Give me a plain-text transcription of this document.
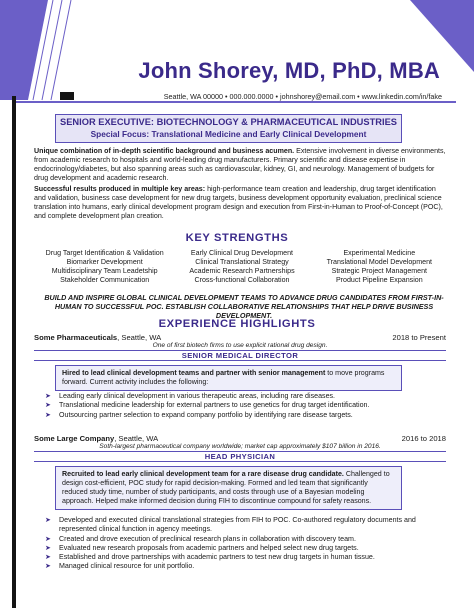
John Shorey, MD, PhD, MBA
Seattle, WA 00000 • 000.000.0000 • johnshorey@email.com • www.linkedin.com/in/fake
SENIOR EXECUTIVE: BIOTECHNOLOGY & PHARMACEUTICAL INDUSTRIES
Special Focus: Translational Medicine and Early Clinical Development
Unique combination of in-depth scientific background and business acumen. Extensive involvement in diverse environments, from academic research to hospitals and world-leading drug manufacturers. Primary scientific and disease expertise in endocrinology/diabetes, but also spanning areas such as cardiovascular, kidney, GI, and neurology. Management of budgets for drug development and academic research.
Successful results produced in multiple key areas: high-performance team creation and leadership, drug target identification and validation, business case development for new drug targets, business development opportunity evaluation, preclinical science translation into humans, early clinical development program design and execution from First-in-Human to Proof-of-Concept (POC), and complete development plan creation.
KEY STRENGTHS
Drug Target Identification & Validation	Early Clinical Drug Development	Experimental Medicine
Biomarker Development	Clinical Translational Strategy	Translational Model Development
Multidisciplinary Team Leadetship	Academic Research Partnerships	Strategic Project Management
Stakeholder Communication	Cross-functional Collaboration	Product Pipeline Expansion
BUILD AND INSPIRE GLOBAL CLINICAL DEVELOPMENT TEAMS TO ADVANCE DRUG CANDIDATES FROM FIRST-IN-HUMAN TO SUCCESSFUL POC. ESTABLISH COLLABORATIVE RELATIONSHIPS THAT HELP DRIVE BUSINESS DEVELOPMENT.
EXPERIENCE HIGHLIGHTS
Some Pharmaceuticals, Seattle, WA	2018 to Present
One of first biotech firms to use explicit rational drug design.
SENIOR MEDICAL DIRECTOR

Hired to lead clinical development teams and partner with senior management to move programs forward. Current activity includes the following:

➤ Leading early clinical development in various therapeutic areas, including rare diseases.
➤ Translational medicine leadership for external partners to use genetics for drug target identification.
➤ Outsourcing partner selection to expand company portfolio by identifying rare disease targets.
Some Large Company, Seattle, WA	2016 to 2018
Soth-largest pharmaceutical company worldwide; market cap approximately $107 billion in 2016.
HEAD PHYSICIAN

Recruited to lead early clinical development team for a rare disease drug candidate. Challenged to design cost-efficient, POC study for rapid decision-making. Formed and led team that significantly reduced study time, number of study participants, and costs through use of a Bayesian modeling approach. Helped make informed decision during FIH to discontinue compound for safety reasons.

➤ Developed and executed clinical translational strategies from FIH to POC. Co-authored regulatory documents and represented clinical function in agency meetings.
➤ Created and drove execution of preclinical research plans in collaboration with discovery team.
➤ Evaluated new research proposals from academic partners and helped select new drug targets.
➤ Established and drove partnerships with academic partners to test new drug targets in human tissue.
➤ Managed clinical resource for unit portfolio.
